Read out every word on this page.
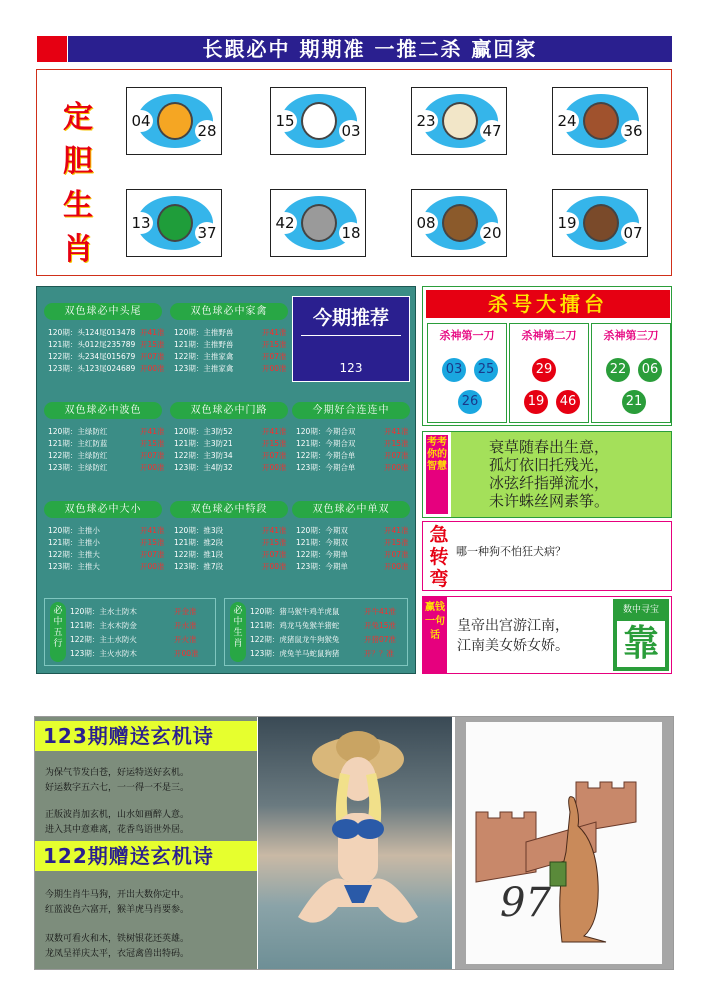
长跟必中 期期准 一推二杀 赢回家
定胆生肖
04
28
15
03
23
47
24
36
13
37
42
18
08
20
19
07
双色球必中头尾
120期：头124尾013478 开41准
121期：头012尾235789 开15准
122期：头234尾015679 开07准
123期：头123尾024689 开00准
双色球必中家禽
120期：主推野兽	开41准
121期：主推野兽	开15准
122期：主推家禽	开07准
123期：主推家禽	开00准
双色球必中波色
120期：主绿防红	开41准
121期：主红防蓝	开15准
122期：主绿防红	开07准
123期：主绿防红	开00准
双色球必中门路
120期：主3防52	开41准
121期：主3防21	开15准
122期：主3防34	开07准
123期：主4防32	开00准
今期好合连连中
120期：今期合双	开41准
121期：今期合双	开15准
122期：今期合单	开07准
123期：今期合单	开00准
双色球必中大小
120期：主推小	开41准
121期：主推小	开15准
122期：主推大	开07准
123期：主推大	开00准
双色球必中特段
120期：推3段	开41准
121期：推2段	开15准
122期：推1段	开07准
123期：推7段	开00准
双色球必中单双
120期：今期双	开41准
121期：今期双	开15准
122期：今期单	开07准
123期：今期单	开00准
必中五行
120期：主水土防木	开金准
121期：主水木防金	开水准
122期：主土水防火	开火准
123期：主火水防木	开00准
必中生肖
120期：猪马猴牛鸡羊虎鼠	开牛41准
121期：鸡龙马兔猴羊猪蛇	开兔15准
122期：虎猪鼠龙牛狗猴兔	开猪07准
123期：虎兔羊马蛇鼠狗猪	开？？准
今期推荐
123
杀号大擂台
杀神第一刀
03 25
26
杀神第二刀
29
19 46
杀神第三刀
22 06
21
考考你的智慧
衰草随春出生意，
孤灯依旧托残光，
冰弦纤指弹流水，
未许蛛丝网素筝。
急转弯
哪一种狗不怕狂犬病？
赢钱一句话
皇帝出宫游江南，
江南美女娇女娇。
数中寻宝
靠
123期赠送玄机诗
为保气节发白苍，好运特送好玄机。
好运数字五六七，一一得一不是三。
正版波肖加玄机，山水如画醉人意。
进入其中意难离，花香鸟语世外居。
122期赠送玄机诗
今期生肖牛马狗，开出大数你定中。
红蓝波色六富开，猴羊虎马肖要参。
双数可看火和木，铁树银花还英雄。
龙凤呈祥庆太平，衣冠禽兽出特码。
97
